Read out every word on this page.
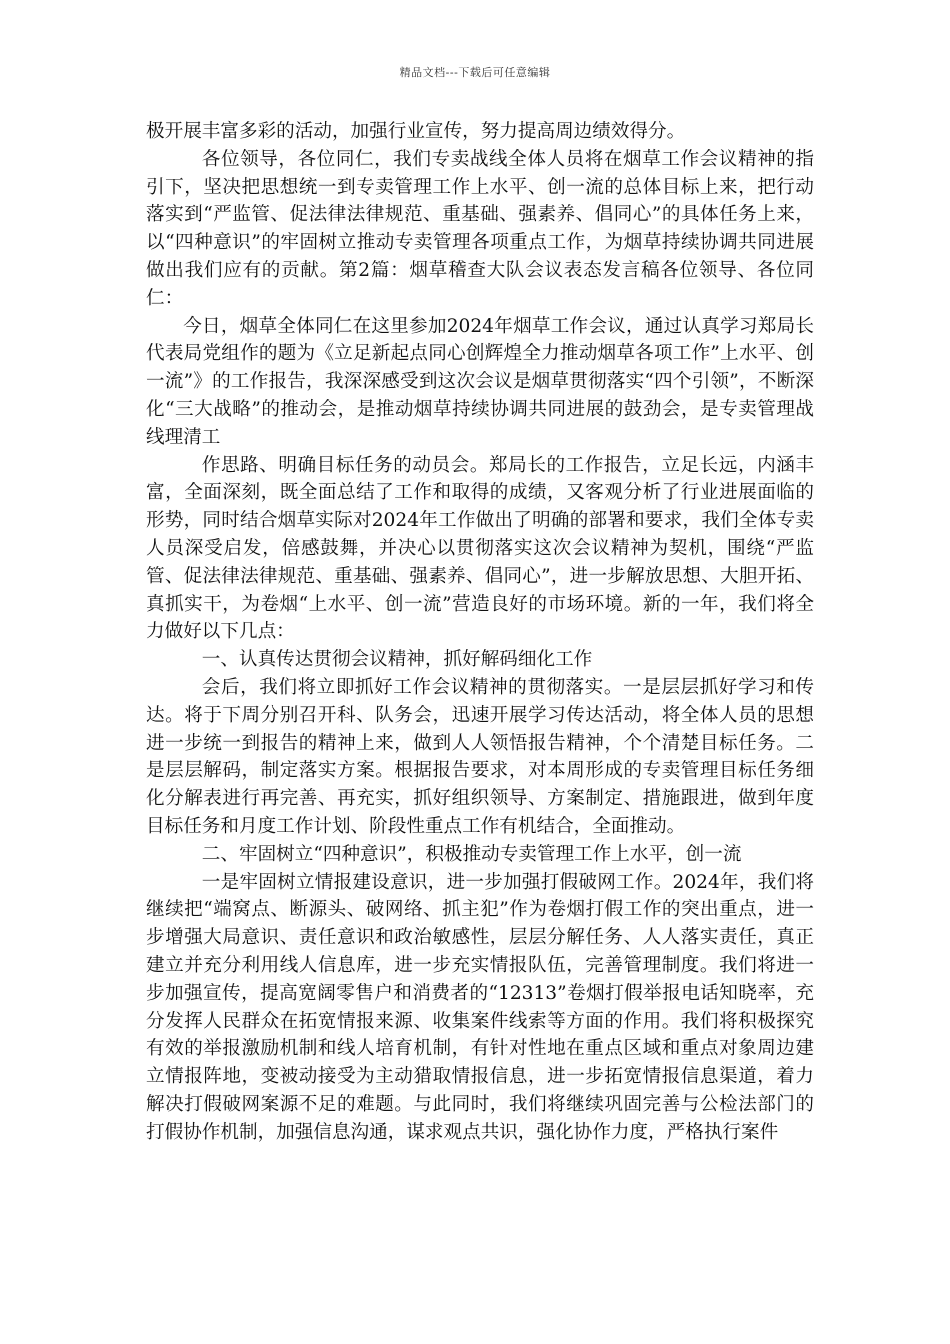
精品文档---下载后可任意编辑

极开展丰富多彩的活动，加强行业宣传，努力提高周边绩效得分。

各位领导，各位同仁，我们专卖战线全体人员将在烟草工作会议精神的指引下，坚决把思想统一到专卖管理工作上水平、创一流的总体目标上来，把行动落实到“严监管、促法律法律规范、重基础、强素养、倡同心”的具体任务上来，以“四种意识”的牢固树立推动专卖管理各项重点工作，为烟草持续协调共同进展做出我们应有的贡献。第2篇：烟草稽查大队会议表态发言稿各位领导、各位同仁：

今日，烟草全体同仁在这里参加2024年烟草工作会议，通过认真学习郑局长代表局党组作的题为《立足新起点同心创辉煌全力推动烟草各项工作”上水平、创一流”》的工作报告，我深深感受到这次会议是烟草贯彻落实“四个引领”，不断深化“三大战略”的推动会，是推动烟草持续协调共同进展的鼓劲会，是专卖管理战线理清工

作思路、明确目标任务的动员会。郑局长的工作报告，立足长远，内涵丰富，全面深刻，既全面总结了工作和取得的成绩，又客观分析了行业进展面临的形势，同时结合烟草实际对2024年工作做出了明确的部署和要求，我们全体专卖人员深受启发，倍感鼓舞，并决心以贯彻落实这次会议精神为契机，围绕“严监管、促法律法律规范、重基础、强素养、倡同心”，进一步解放思想、大胆开拓、真抓实干，为卷烟“上水平、创一流”营造良好的市场环境。新的一年，我们将全力做好以下几点：

一、认真传达贯彻会议精神，抓好解码细化工作

会后，我们将立即抓好工作会议精神的贯彻落实。一是层层抓好学习和传达。将于下周分别召开科、队务会，迅速开展学习传达活动，将全体人员的思想进一步统一到报告的精神上来，做到人人领悟报告精神，个个清楚目标任务。二是层层解码，制定落实方案。根据报告要求，对本周形成的专卖管理目标任务细化分解表进行再完善、再充实，抓好组织领导、方案制定、措施跟进，做到年度目标任务和月度工作计划、阶段性重点工作有机结合，全面推动。

二、牢固树立“四种意识”，积极推动专卖管理工作上水平，创一流

一是牢固树立情报建设意识，进一步加强打假破网工作。2024年，我们将继续把“端窝点、断源头、破网络、抓主犯”作为卷烟打假工作的突出重点，进一步增强大局意识、责任意识和政治敏感性，层层分解任务、人人落实责任，真正建立并充分利用线人信息库，进一步充实情报队伍，完善管理制度。我们将进一步加强宣传，提高宽阔零售户和消费者的“12313”卷烟打假举报电话知晓率，充分发挥人民群众在拓宽情报来源、收集案件线索等方面的作用。我们将积极探究有效的举报激励机制和线人培育机制，有针对性地在重点区域和重点对象周边建立情报阵地，变被动接受为主动猎取情报信息，进一步拓宽情报信息渠道，着力解决打假破网案源不足的难题。与此同时，我们将继续巩固完善与公检法部门的打假协作机制，加强信息沟通，谋求观点共识，强化协作力度，严格执行案件
